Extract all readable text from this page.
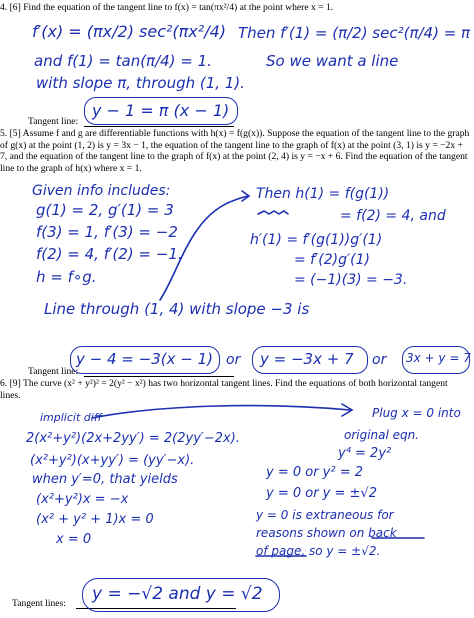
4. [6] Find the equation of the tangent line to f(x) = tan(πx²/4) at the point where x = 1.
f′(x) = (πx/2) sec²(πx²/4) Then f′(1) = (π/2) sec²(π/4) = π
and f(1) = tan(π/4) = 1.	So we want a line
with slope π, through (1, 1).
Tangent line:
y − 1 = π (x − 1)
5. [5] Assume f and g are differentiable functions with h(x) = f(g(x)). Suppose the equation of the tangent line to the graph of g(x) at the point (1, 2) is y = 3x − 1, the equation of the tangent line to the graph of f(x) at the point (3, 1) is y = −2x + 7, and the equation of the tangent line to the graph of f(x) at the point (2, 4) is y = −x + 6. Find the equation of the tangent line to the graph of h(x) where x = 1.
Given info includes:
g(1) = 2, g′(1) = 3
f(3) = 1, f′(3) = −2
f(2) = 4, f′(2) = −1.
h = f∘g.
Then h(1) = f(g(1))
= f(2) = 4, and
h′(1) = f′(g(1))g′(1)
= f′(2)g′(1)
= (−1)(3) = −3.
Line through (1, 4) with slope −3 is
Tangent line:
y − 4 = −3(x − 1) or y = −3x + 7 or 3x + y = 7
6. [9] The curve (x² + y²)² = 2(y² − x²) has two horizontal tangent lines. Find the equations of both horizontal tangent lines.
implicit diff
2(x²+y²)(2x+2yy′) = 2(2yy′−2x).
(x²+y²)(x+yy′) = (yy′−x).
when y′=0, that yields
(x²+y²)x = −x
(x² + y² + 1)x = 0
x = 0
Plug x = 0 into
original eqn.
y⁴ = 2y²
y = 0 or y² = 2
y = 0 or y = ±√2
y = 0 is extraneous for
reasons shown on back
of page, so y = ±√2.
Tangent lines: y = −√2 and y = √2
